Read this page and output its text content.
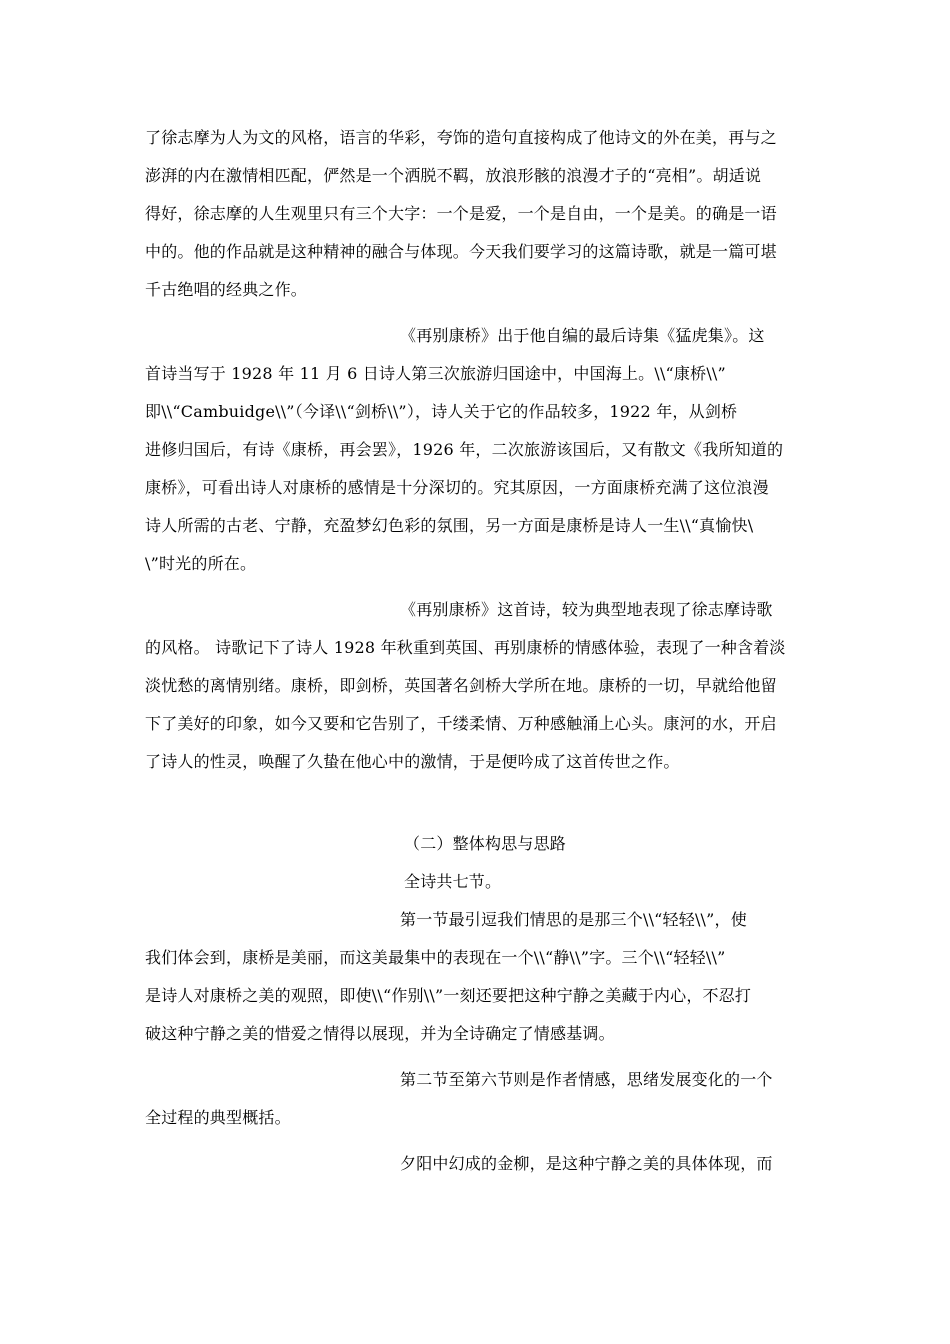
了徐志摩为人为文的风格，语言的华彩，夸饰的造句直接构成了他诗文的外在美，再与之
澎湃的内在激情相匹配，俨然是一个洒脱不羁，放浪形骸的浪漫才子的“亮相”。胡适说
得好，徐志摩的人生观里只有三个大字：一个是爱，一个是自由，一个是美。的确是一语
中的。他的作品就是这种精神的融合与体现。今天我们要学习的这篇诗歌，就是一篇可堪
千古绝唱的经典之作。
《再别康桥》出于他自编的最后诗集《猛虎集》。这
首诗当写于 1928 年 11 月 6 日诗人第三次旅游归国途中，中国海上。\\“康桥\\”
即\\“Cambuidge\\”（今译\\“剑桥\\”），诗人关于它的作品较多，1922 年，从剑桥
进修归国后，有诗《康桥，再会罢》，1926 年，二次旅游该国后，又有散文《我所知道的
康桥》，可看出诗人对康桥的感情是十分深切的。究其原因，一方面康桥充满了这位浪漫
诗人所需的古老、宁静，充盈梦幻色彩的氛围，另一方面是康桥是诗人一生\\“真愉快\
\”时光的所在。
《再别康桥》这首诗，较为典型地表现了徐志摩诗歌
的风格。 诗歌记下了诗人 1928 年秋重到英国、再别康桥的情感体验，表现了一种含着淡
淡忧愁的离情别绪。康桥，即剑桥，英国著名剑桥大学所在地。康桥的一切，早就给他留
下了美好的印象，如今又要和它告别了，千缕柔情、万种感触涌上心头。康河的水，开启
了诗人的性灵，唤醒了久蛰在他心中的激情，于是便吟成了这首传世之作。
（二）整体构思与思路
全诗共七节。
第一节最引逗我们情思的是那三个\\“轻轻\\”，使
我们体会到，康桥是美丽，而这美最集中的表现在一个\\“静\\”字。三个\\“轻轻\\”
是诗人对康桥之美的观照，即使\\“作别\\”一刻还要把这种宁静之美藏于内心，不忍打
破这种宁静之美的惜爱之情得以展现，并为全诗确定了情感基调。
第二节至第六节则是作者情感，思绪发展变化的一个
全过程的典型概括。
夕阳中幻成的金柳，是这种宁静之美的具体体现，而
